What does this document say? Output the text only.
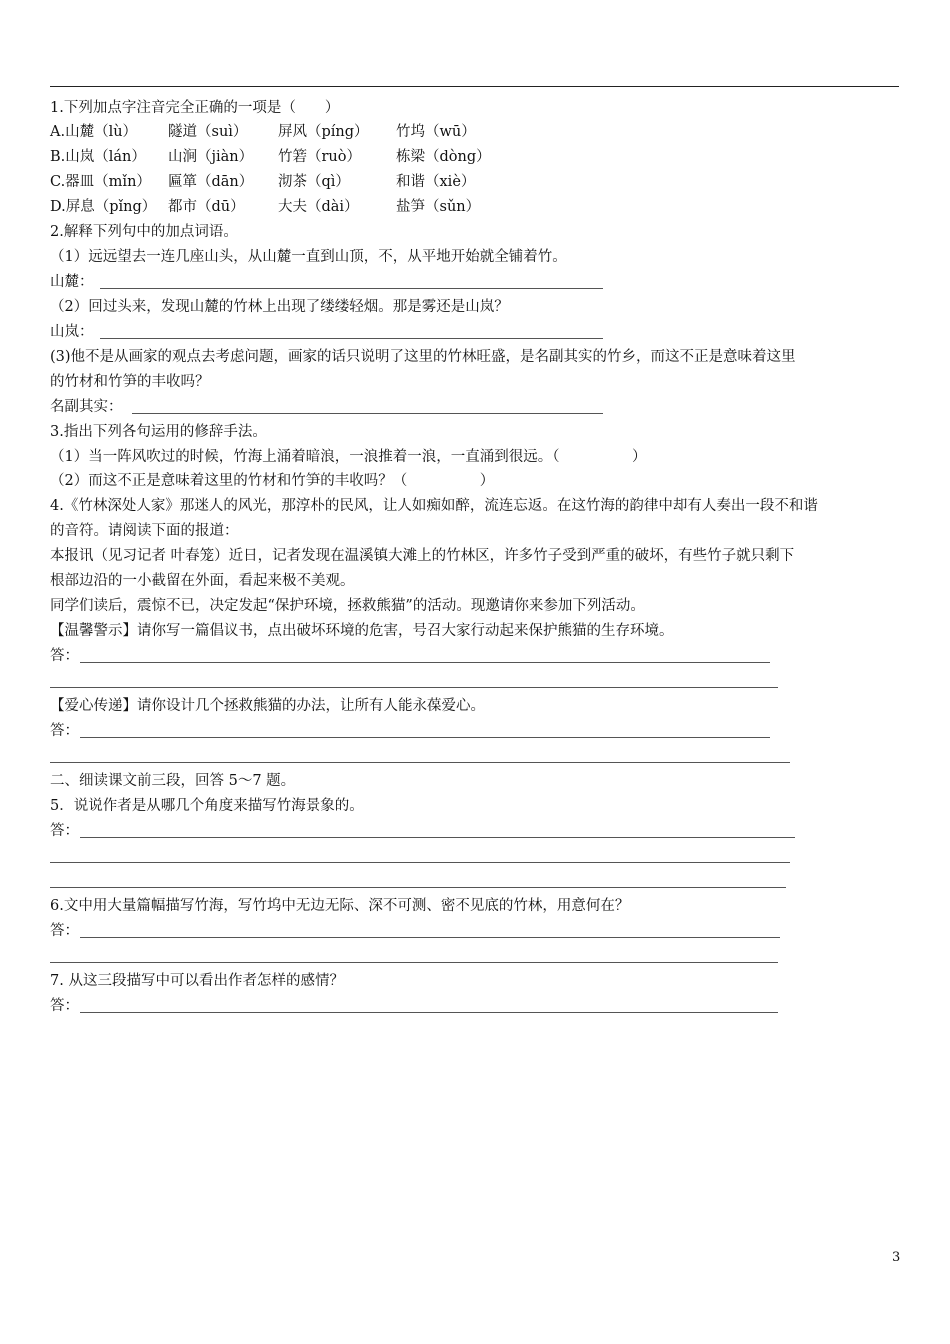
1.下列加点字注音完全正确的一项是（　　）
A.山麓（lù） 隧道（suì） 屏风（píng） 竹坞（wū）
B.山岚（lán） 山涧（jiàn） 竹箬（ruò） 栋梁（dòng）
C.器皿（mǐn） 匾箪（dān） 沏茶（qì）	和谐（xiè）
D.屏息（pǐng） 都市（dū） 大夫（dài）	盐笋（sǔn）
2.解释下列句中的加点词语。
（1）远远望去一连几座山头，从山麓一直到山顶，不，从平地开始就全铺着竹。
山麓：
（2）回过头来，发现山麓的竹林上出现了缕缕轻烟。那是雾还是山岚？
山岚：
(3)他不是从画家的观点去考虑问题，画家的话只说明了这里的竹林旺盛，是名副其实的竹乡，而这不正是意味着这里
的竹材和竹笋的丰收吗？
名副其实：
3.指出下列各句运用的修辞手法。
（1）当一阵风吹过的时候，竹海上涌着暗浪，一浪推着一浪，一直涌到很远。（　　　　　）
（2）而这不正是意味着这里的竹材和竹笋的丰收吗？（　　　　　）
4.《竹林深处人家》那迷人的风光，那淳朴的民风，让人如痴如醉，流连忘返。在这竹海的韵律中却有人奏出一段不和谐
的音符。请阅读下面的报道：
本报讯（见习记者 叶春笼）近日，记者发现在温溪镇大滩上的竹林区，许多竹子受到严重的破坏，有些竹子就只剩下
根部边沿的一小截留在外面，看起来极不美观。
同学们读后，震惊不已，决定发起“保护环境，拯救熊猫”的活动。现邀请你来参加下列活动。
【温馨警示】请你写一篇倡议书，点出破坏环境的危害，号召大家行动起来保护熊猫的生存环境。
答：
【爱心传递】请你设计几个拯救熊猫的办法，让所有人能永葆爱心。
答：
二、细读课文前三段，回答 5～7 题。
5．说说作者是从哪几个角度来描写竹海景象的。
答：
6.文中用大量篇幅描写竹海，写竹坞中无边无际、深不可测、密不见底的竹林，用意何在？
答：
7. 从这三段描写中可以看出作者怎样的感情？
答：
3
